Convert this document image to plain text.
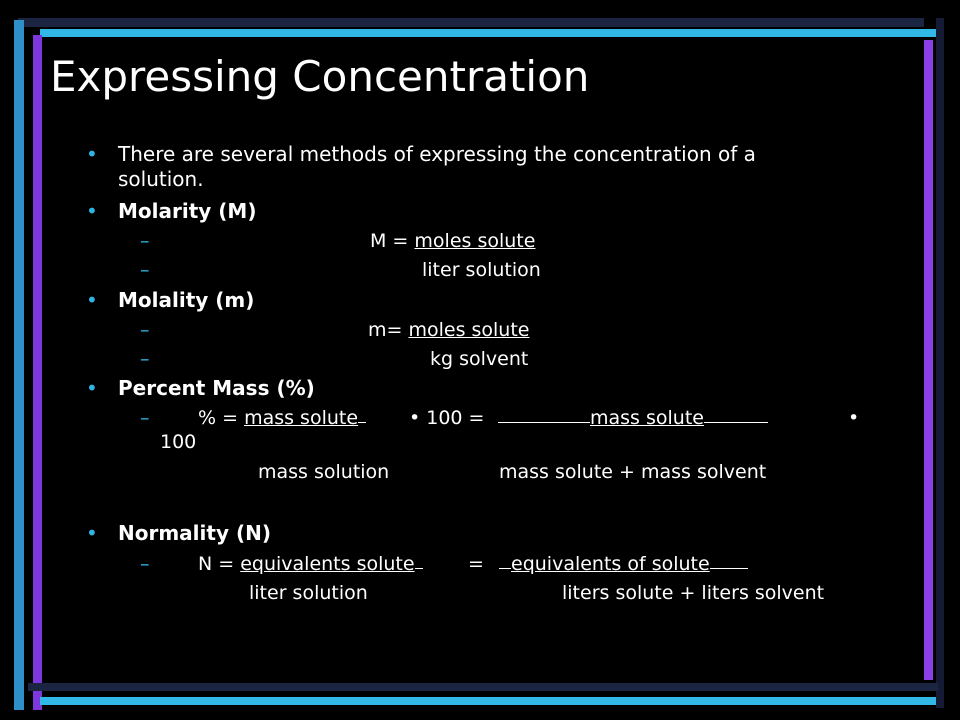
Expressing Concentration
• There are several methods of expressing the concentration of a
solution.
• Molarity (M)
–	M = moles solute
–	liter solution
• Molality (m)
–	m= moles solute
–	kg solvent
• Percent Mass (%)
–	% = mass solute	• 100 =	mass solute	•
100
mass solution	mass solute + mass solvent
• Normality (N)
–	N = equivalents solute	=	equivalents of solute
liter solution	liters solute + liters solvent
